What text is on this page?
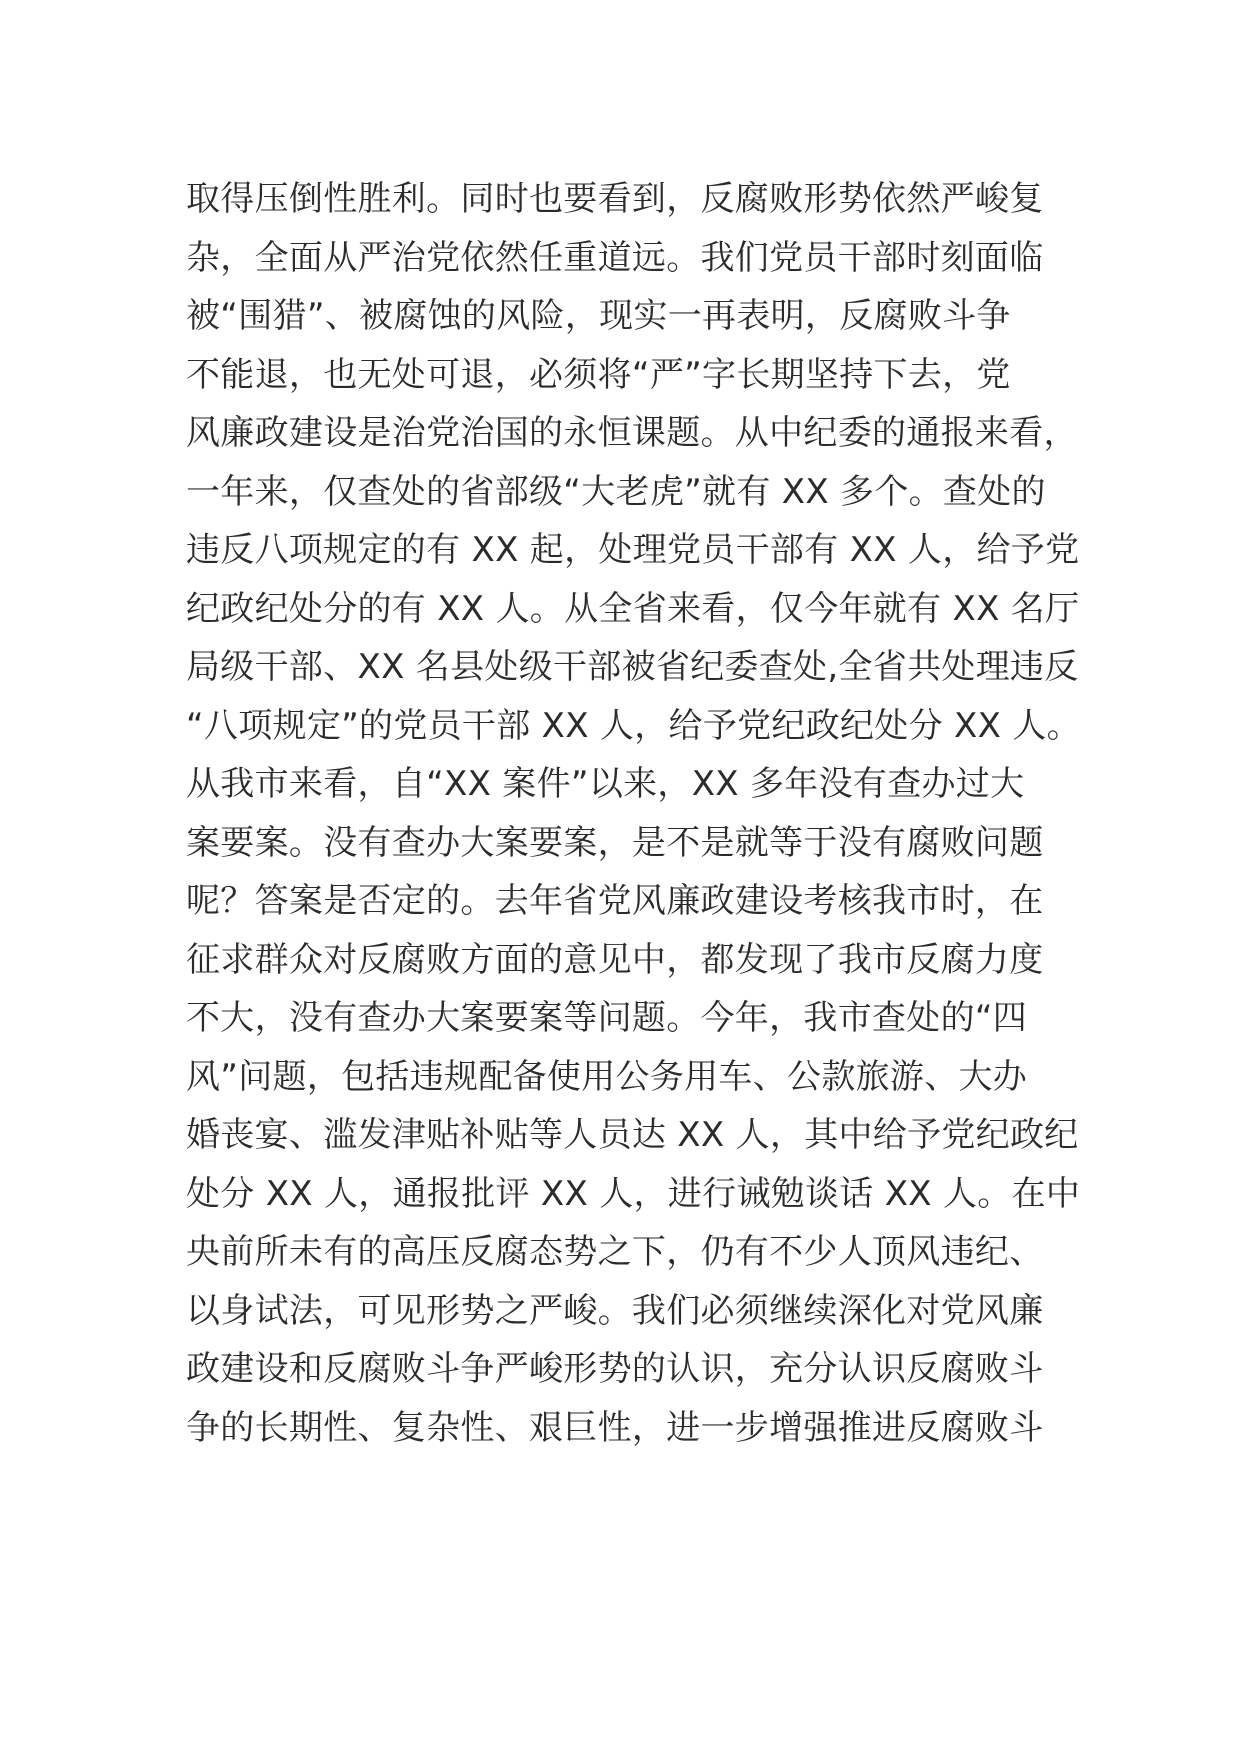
取得压倒性胜利。同时也要看到，反腐败形势依然严峻复
杂，全面从严治党依然任重道远。我们党员干部时刻面临
被“围猎”、被腐蚀的风险，现实一再表明，反腐败斗争
不能退，也无处可退，必须将“严”字长期坚持下去，党
风廉政建设是治党治国的永恒课题。从中纪委的通报来看，
一年来，仅查处的省部级“大老虎”就有 XX 多个。查处的
违反八项规定的有 XX 起，处理党员干部有 XX 人，给予党
纪政纪处分的有 XX 人。从全省来看，仅今年就有 XX 名厅
局级干部、XX 名县处级干部被省纪委查处,全省共处理违反
“八项规定”的党员干部 XX 人，给予党纪政纪处分 XX 人。
从我市来看，自“XX 案件”以来，XX 多年没有查办过大
案要案。没有查办大案要案，是不是就等于没有腐败问题
呢？答案是否定的。去年省党风廉政建设考核我市时，在
征求群众对反腐败方面的意见中，都发现了我市反腐力度
不大，没有查办大案要案等问题。今年，我市查处的“四
风”问题，包括违规配备使用公务用车、公款旅游、大办
婚丧宴、滥发津贴补贴等人员达 XX 人，其中给予党纪政纪
处分 XX 人，通报批评 XX 人，进行诫勉谈话 XX 人。在中
央前所未有的高压反腐态势之下，仍有不少人顶风违纪、
以身试法，可见形势之严峻。我们必须继续深化对党风廉
政建设和反腐败斗争严峻形势的认识，充分认识反腐败斗
争的长期性、复杂性、艰巨性，进一步增强推进反腐败斗
